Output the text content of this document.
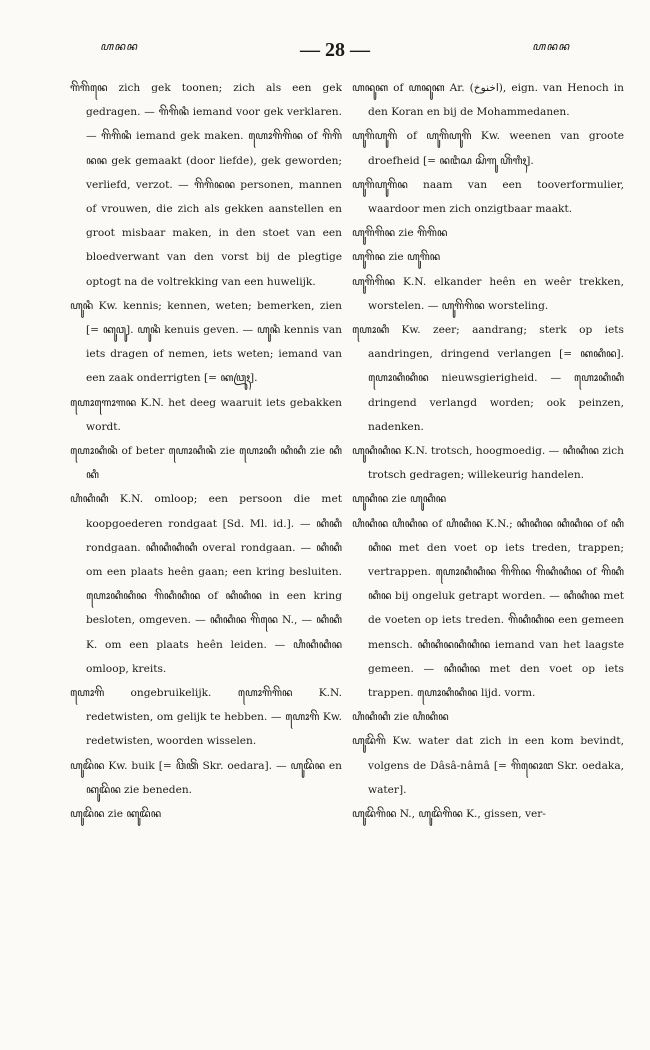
ꦲꦤꦤ	— 28 —	ꦲꦤꦤ

ꦒꦼꦒꦼꦤꦺ zich gek toonen; zich als een gek gedragen. — ꦒꦼꦒꦼꦤꦶ iemand voor gek verklaren. — ꦒꦼꦒꦼꦤꦶ iemand gek maken. ꦲꦺꦴꦒꦼꦒꦼꦤ of ꦒꦼꦒꦼꦤꦤ gek gemaakt (door liefde), gek geworden; verliefd, verzot. — ꦒꦼꦒꦼꦤꦤ personen, mannen of vrouwen, die zich als gekken aanstellen en groot misbaar maken, in den stoet van een bloedverwant van den vorst bij de plegtige optogt na de voltrekking van een huwelijk.

ꦲꦸꦤꦶ Kw. kennis; kennen, weten; bemerken, zien [= ꦏꦸꦮꦸ]. ꦲꦸꦤꦶ kenuis geven. — ꦲꦸꦤꦶ kennis van iets dragen of nemen, iets weten; iemand van een zaak onderrigten [= ꦏꦮꦿꦸꦃ].

ꦲꦺꦴꦒꦺꦴꦒꦤ K.N. het deeg waaruit iets gebakken wordt.

ꦲꦺꦴꦏꦶꦤꦶ of beter ꦲꦺꦴꦏꦶꦤꦶ zie ꦲꦺꦴꦏꦶ ꦏꦶꦏꦶ zie ꦏꦶꦏꦶ

ꦲꦶꦏꦶꦏꦶ K.N. omloop; een persoon die met koopgoederen rondgaat [Sd. Ml. id.]. — ꦏꦶꦏꦶ rondgaan. ꦏꦶꦏꦶꦏꦶꦏꦶ overal rondgaan. — ꦏꦶꦏꦶ om een plaats heên gaan; een kring besluiten. ꦲꦺꦴꦏꦶꦏꦶꦤ ꦒꦼꦏꦶꦏꦶꦤ of ꦏꦶꦏꦶꦤ in een kring besloten, omgeven. — ꦏꦶꦏꦶꦤ ꦒꦼꦤꦺ N., — ꦏꦶꦏꦶ K. om een plaats heên leiden. — ꦲꦶꦏꦶꦏꦶꦤ omloop, kreits.

ꦲꦺꦴꦒꦼ ongebruikelijk. ꦲꦺꦴꦒꦼꦒꦼꦤ K.N. redetwisten, om gelijk te hebben. — ꦲꦺꦴꦒꦼ Kw. redetwisten, woorden wisselen.

ꦲꦸꦢꦼꦤ Kw. buik [= ꦮꦼꦠꦼꦁ Skr. oedara]. — ꦲꦸꦢꦼꦤ en ꦏꦸꦢꦼꦤ zie beneden.

ꦲꦸꦢꦼꦤ zie ꦏꦸꦢꦼꦤ

ꦲꦤꦸꦏ of ꦲꦤꦸꦏ Ar. (اخنوخ), eign. van Henoch in den Koran en bij de Mohammedanen.

ꦲꦸꦒꦼꦲꦸꦒꦼ of ꦲꦸꦒꦼꦲꦸꦒꦼ Kw. weenen van groote droefheid [= ꦤꦔꦶꦱ ꦱꦼꦒꦸ ꦲꦼꦁꦒꦶꦃ].

ꦲꦸꦒꦼꦲꦸꦒꦼꦤ naam van een tooverformulier, waardoor men zich onzigtbaar maakt.

ꦲꦸꦒꦼꦒꦼꦤ zie ꦒꦼꦒꦼꦤ

ꦲꦸꦒꦼꦤ zie ꦲꦸꦒꦼꦤ

ꦲꦸꦒꦼꦒꦼꦤ K.N. elkander heên en weêr trekken, worstelen. — ꦲꦸꦒꦼꦒꦼꦤ worsteling.

ꦲꦺꦴꦏꦶ Kw. zeer; aandrang; sterk op iets aandringen, dringend verlangen [= ꦏꦏꦶꦤ]. ꦲꦺꦴꦏꦶꦏꦶꦤ nieuwsgierigheid. — ꦲꦺꦴꦏꦶꦏꦶ dringend verlangd worden; ook peinzen, nadenken.

ꦲꦸꦏꦶꦏꦶꦤ K.N. trotsch, hoogmoedig. — ꦏꦶꦏꦶꦤ zich trotsch gedragen; willekeurig handelen.

ꦲꦸꦏꦶꦤ zie ꦲꦸꦏꦶꦤ

ꦲꦶꦏꦶꦤ ꦲꦶꦏꦶꦤ of ꦲꦶꦏꦶꦤ K.N.; ꦏꦶꦏꦶꦤ ꦏꦶꦏꦶꦤ of ꦏꦶꦏꦶꦤ met den voet op iets treden, trappen; vertrappen. ꦲꦺꦴꦏꦶꦏꦶꦤ ꦒꦼꦒꦼꦤ ꦒꦼꦏꦶꦏꦶꦤ of ꦒꦼꦏꦶꦏꦶꦤ bij ongeluk getrapt worden. — ꦏꦶꦏꦶꦤ met de voeten op iets treden. ꦒꦼꦏꦶꦏꦶꦤ een gemeen mensch. ꦏꦶꦏꦶꦤꦏꦶꦏꦶꦤ iemand van het laagste gemeen. — ꦏꦶꦏꦶꦤ met den voet op iets trappen. ꦲꦺꦴꦏꦶꦏꦶꦤ lijd. vorm.

ꦲꦶꦏꦶꦏꦶ zie ꦲꦶꦏꦶꦤ

ꦲꦸꦢꦼꦒꦼ Kw. water dat zich in een kom bevindt, volgens de Dâsâ-nâmâ [= ꦒꦼꦤꦺꦴꦔ Skr. oedaka, water].

ꦲꦸꦢꦼꦒꦼꦤ N., ꦲꦸꦢꦼꦒꦼꦤ K., gissen, ver-
